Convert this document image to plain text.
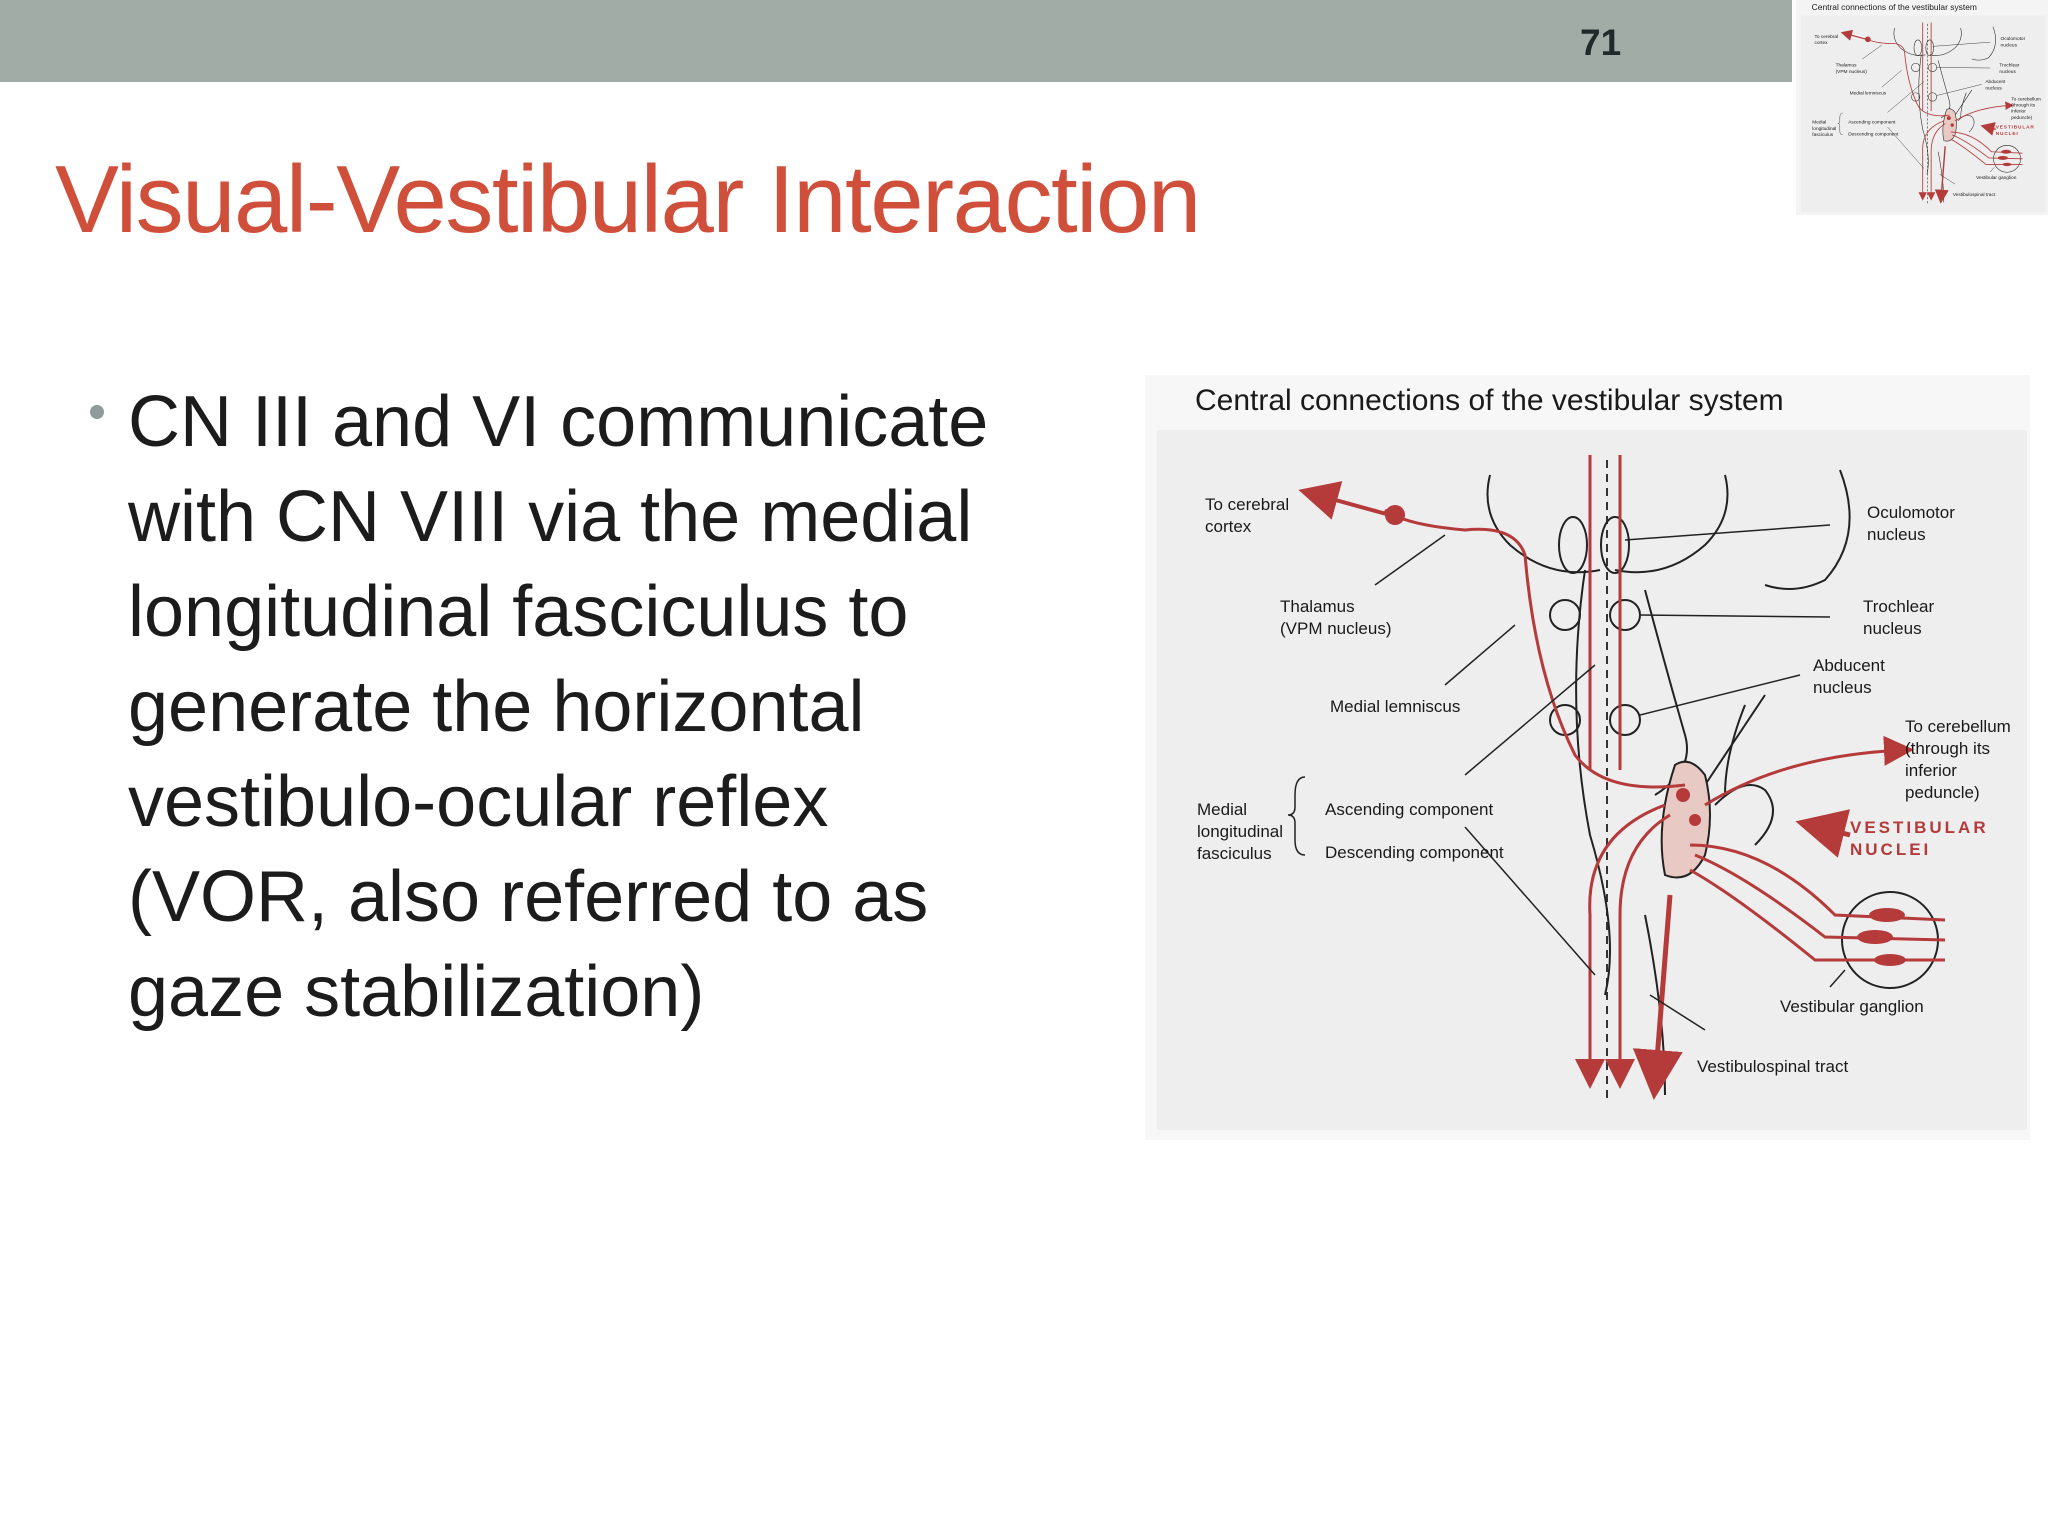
71
Visual-Vestibular Interaction
CN III and VI communicate with CN VIII via the medial longitudinal fasciculus to generate the horizontal vestibulo-ocular reflex (VOR, also referred to as gaze stabilization)
